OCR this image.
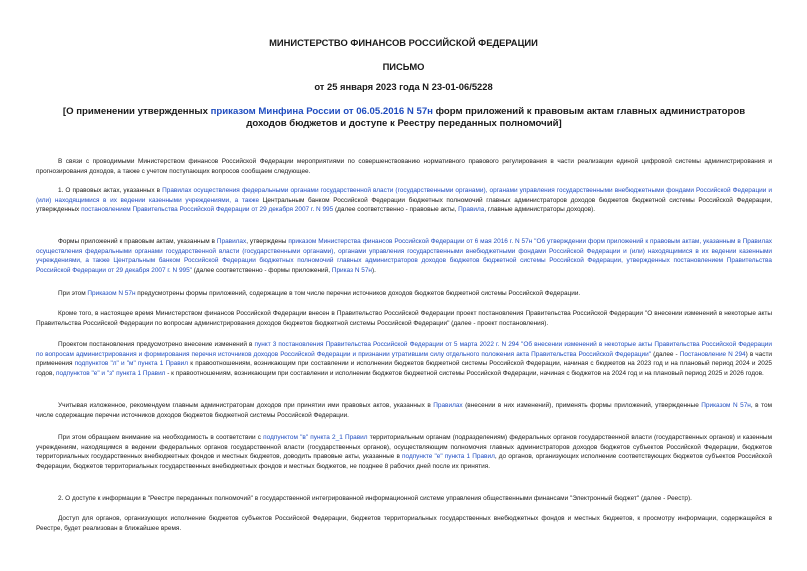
МИНИСТЕРСТВО ФИНАНСОВ РОССИЙСКОЙ ФЕДЕРАЦИИ
ПИСЬМО
от 25 января 2023 года N 23-01-06/5228
[О применении утвержденных приказом Минфина России от 06.05.2016 N 57н форм приложений к правовым актам главных администраторов доходов бюджетов и доступе к Реестру переданных полномочий]

В связи с проводимыми Министерством финансов Российской Федерации мероприятиями по совершенствованию нормативного правового регулирования в части реализации единой цифровой системы администрирования и прогнозирования доходов, а также с учетом поступающих вопросов сообщаем следующее.

1. О правовых актах, указанных в Правилах осуществления федеральными органами государственной власти (государственными органами), органами управления государственными внебюджетными фондами Российской Федерации и (или) находящимися в их ведении казенными учреждениями, а также Центральным банком Российской Федерации бюджетных полномочий главных администраторов доходов бюджетов бюджетной системы Российской Федерации, утвержденных постановлением Правительства Российской Федерации от 29 декабря 2007 г. N 995 (далее соответственно - правовые акты, Правила, главные администраторы доходов).

Формы приложений к правовым актам, указанным в Правилах, утверждены приказом Министерства финансов Российской Федерации от 6 мая 2016 г. N 57н "Об утверждении форм приложений к правовым актам, указанным в Правилах осуществления федеральными органами государственной власти (государственными органами), органами управления государственными внебюджетными фондами Российской Федерации и (или) находящимися в их ведении казенными учреждениями, а также Центральным банком Российской Федерации бюджетных полномочий главных администраторов доходов бюджетов бюджетной системы Российской Федерации, утвержденных постановлением Правительства Российской Федерации от 29 декабря 2007 г. N 995" (далее соответственно - формы приложений, Приказ N 57н).

При этом Приказом N 57н предусмотрены формы приложений, содержащие в том числе перечни источников доходов бюджетов бюджетной системы Российской Федерации.

Кроме того, в настоящее время Министерством финансов Российской Федерации внесен в Правительство Российской Федерации проект постановления Правительства Российской Федерации "О внесении изменений в некоторые акты Правительства Российской Федерации по вопросам администрирования доходов бюджетов бюджетной системы Российской Федерации" (далее - проект постановления).

Проектом постановления предусмотрено внесение изменений в пункт 3 постановления Правительства Российской Федерации от 5 марта 2022 г. N 294 "Об внесении изменений в некоторые акты Правительства Российской Федерации по вопросам администрирования и формирования перечня источников доходов Российской Федерации и признании утратившим силу отдельного положения акта Правительства Российской Федерации" (далее - Постановление N 294) в части применения подпунктов "л" и "м" пункта 1 Правил к правоотношениям, возникающим при составлении и исполнении бюджетов бюджетной системы Российской Федерации, начиная с бюджетов на 2023 год и на плановый период 2024 и 2025 годов, подпунктов "е" и "з" пункта 1 Правил - к правоотношениям, возникающим при составлении и исполнении бюджетов бюджетной системы Российской Федерации, начиная с бюджетов на 2024 год и на плановый период 2025 и 2026 годов.

Учитывая изложенное, рекомендуем главным администраторам доходов при принятии ими правовых актов, указанных в Правилах (внесении в них изменений), применять формы приложений, утвержденные Приказом N 57н, в том числе содержащие перечни источников доходов бюджетов бюджетной системы Российской Федерации.

При этом обращаем внимание на необходимость в соответствии с подпунктом "в" пункта 2_1 Правил территориальным органам (подразделениям) федеральных органов государственной власти (государственных органов) и казенным учреждениям, находящимся в ведении федеральных органов государственной власти (государственных органов), осуществляющим полномочия главных администраторов доходов бюджетов субъектов Российской Федерации, бюджетов территориальных государственных внебюджетных фондов и местных бюджетов, доводить правовые акты, указанные в подпункте "е" пункта 1 Правил, до органов, организующих исполнение соответствующих бюджетов субъектов Российской Федерации, бюджетов территориальных государственных внебюджетных фондов и местных бюджетов, не позднее 8 рабочих дней после их принятия.

2. О доступе к информации в "Реестре переданных полномочий" в государственной интегрированной информационной системе управления общественными финансами "Электронный бюджет" (далее - Реестр).

Доступ для органов, организующих исполнение бюджетов субъектов Российской Федерации, бюджетов территориальных государственных внебюджетных фондов и местных бюджетов, к просмотру информации, содержащейся в Реестре, будет реализован в ближайшее время.
